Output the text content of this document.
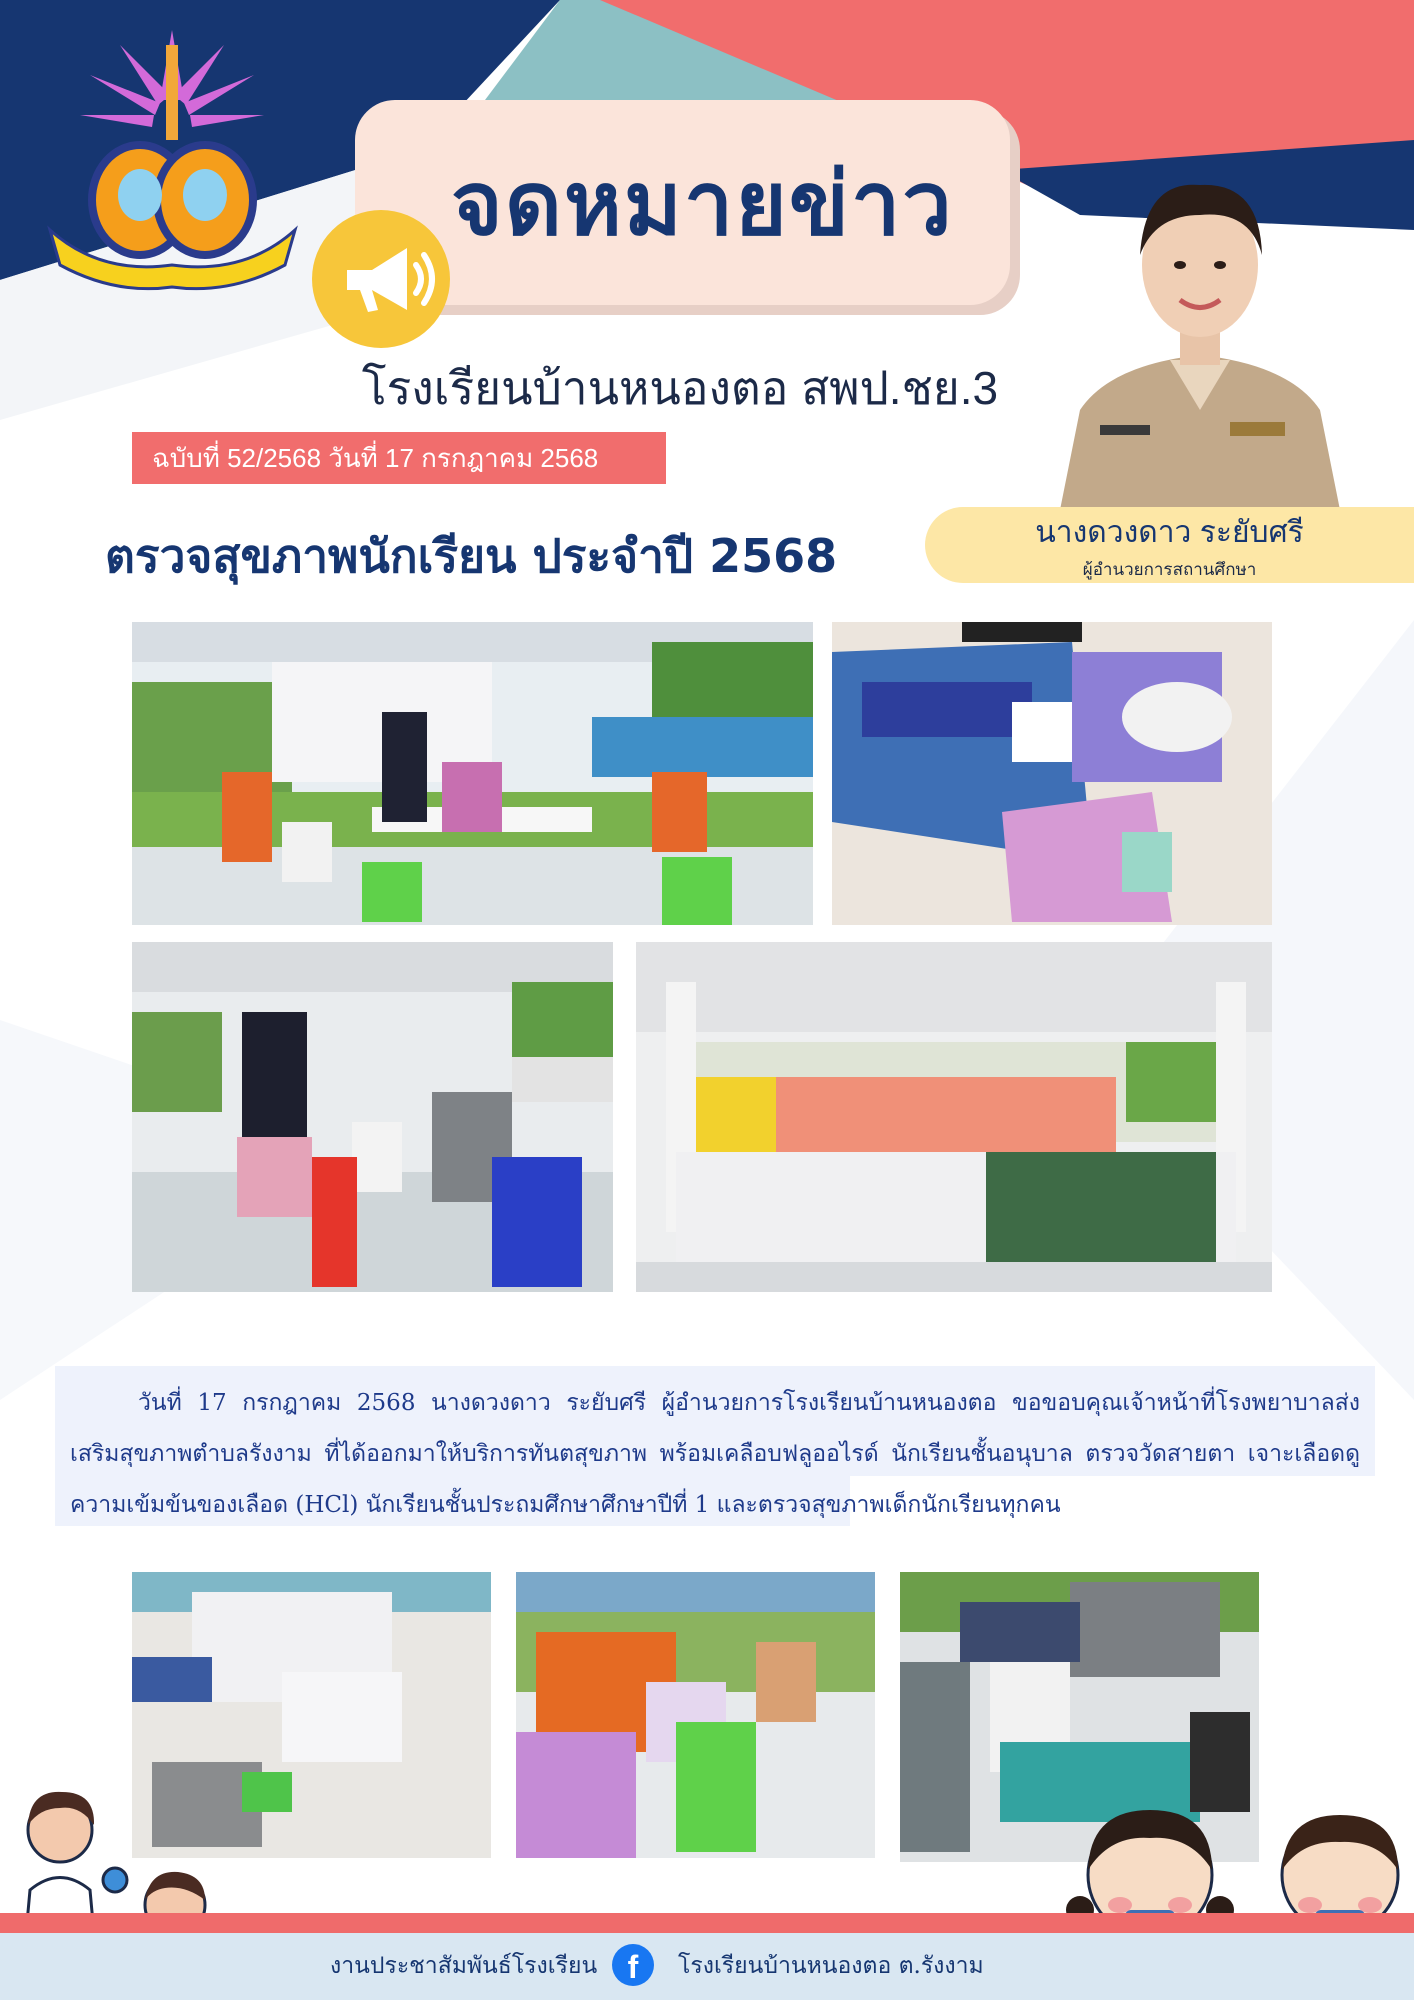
จดหมายข่าว
โรงเรียนบ้านหนองตอ สพป.ชย.3
ฉบับที่ 52/2568 วันที่ 17 กรกฎาคม 2568
ตรวจสุขภาพนักเรียน ประจำปี 2568	นางดวงดาว ระยับศรี
ผู้อำนวยการสถานศึกษา

วันที่ 17 กรกฎาคม 2568 นางดวงดาว ระยับศรี ผู้อำนวยการโรงเรียนบ้านหนองตอ ขอขอบคุณเจ้าหน้าที่โรงพยาบาลส่งเสริมสุขภาพตำบลรังงาม ที่ได้ออกมาให้บริการทันตสุขภาพ พร้อมเคลือบฟลูออไรด์ นักเรียนชั้นอนุบาล ตรวจวัดสายตา เจาะเลือดดูความเข้มข้นของเลือด (HCl) นักเรียนชั้นประถมศึกษาศึกษาปีที่ 1 และตรวจสุขภาพเด็กนักเรียนทุกคน

งานประชาสัมพันธ์โรงเรียน f	โรงเรียนบ้านหนองตอ ต.รังงาม
